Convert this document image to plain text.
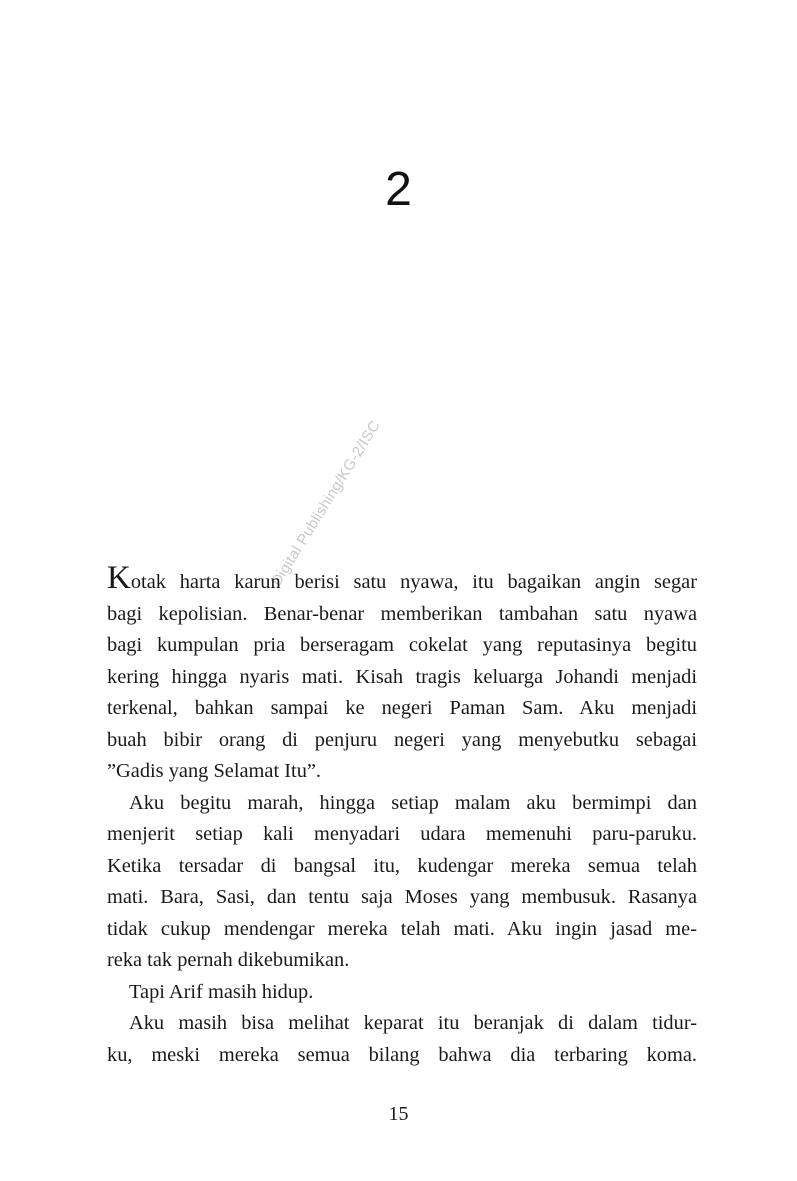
2
Digital Publishing/KG-2/ISC
Kotak harta karun berisi satu nyawa, itu bagaikan angin segar
bagi kepolisian. Benar-benar memberikan tambahan satu nyawa
bagi kumpulan pria berseragam cokelat yang reputasinya begitu
kering hingga nyaris mati. Kisah tragis keluarga Johandi menjadi
terkenal, bahkan sampai ke negeri Paman Sam. Aku menjadi
buah bibir orang di penjuru negeri yang menyebutku sebagai
”Gadis yang Selamat Itu”.
Aku begitu marah, hingga setiap malam aku bermimpi dan
menjerit setiap kali menyadari udara memenuhi paru-paruku.
Ketika tersadar di bangsal itu, kudengar mereka semua telah
mati. Bara, Sasi, dan tentu saja Moses yang membusuk. Rasanya
tidak cukup mendengar mereka telah mati. Aku ingin jasad me-
reka tak pernah dikebumikan.
Tapi Arif masih hidup.
Aku masih bisa melihat keparat itu beranjak di dalam tidur-
ku, meski mereka semua bilang bahwa dia terbaring koma.
15
